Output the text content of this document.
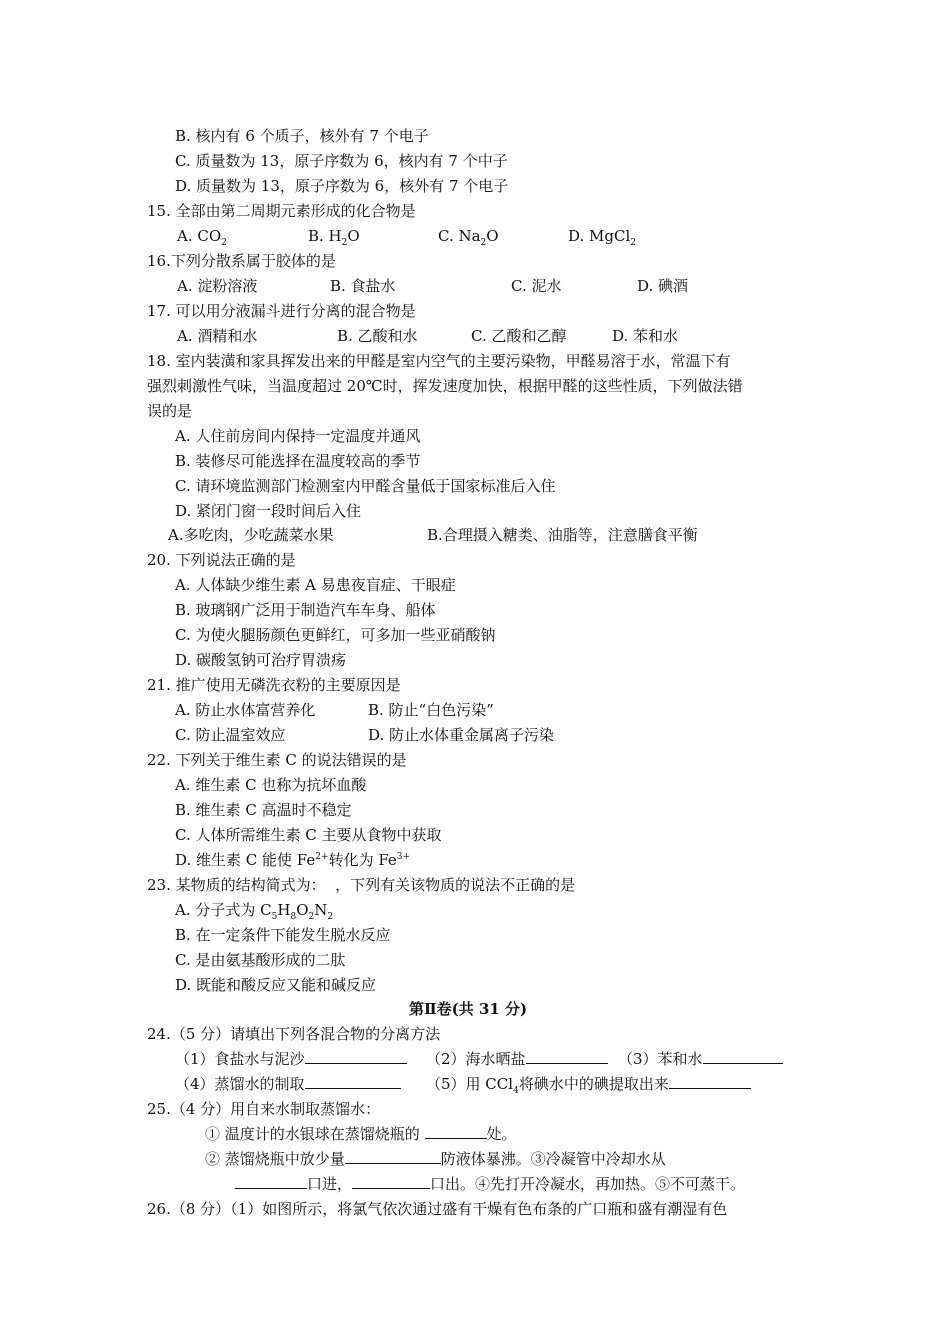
B. 核内有 6 个质子，核外有 7 个电子
C. 质量数为 13，原子序数为 6，核内有 7 个中子
D. 质量数为 13，原子序数为 6，核外有 7 个电子
15. 全部由第二周期元素形成的化合物是
A. $CO_2$	B. $H_2O$	C. $Na_2O$	D. MgCl$_2$
16.下列分散系属于胶体的是
A. 淀粉溶液	B. 食盐水	C. 泥水	D. 碘酒
17. 可以用分液漏斗进行分离的混合物是
A. 酒精和水	B. 乙酸和水	C. 乙酸和乙醇	D. 苯和水
18. 室内装潢和家具挥发出来的甲醛是室内空气的主要污染物，甲醛易溶于水，常温下有
强烈刺激性气味，当温度超过 20℃时，挥发速度加快，根据甲醛的这些性质，下列做法错
误的是
A. 人住前房间内保持一定温度并通风
B. 装修尽可能选择在温度较高的季节
C. 请环境监测部门检测室内甲醛含量低于国家标准后入住
D. 紧闭门窗一段时间后入住
A.多吃肉，少吃蔬菜水果	B.合理摄入糖类、油脂等，注意膳食平衡
20. 下列说法正确的是
A. 人体缺少维生素 A 易患夜盲症、干眼症
B. 玻璃钢广泛用于制造汽车车身、船体
C. 为使火腿肠颜色更鲜红，可多加一些亚硝酸钠
D. 碳酸氢钠可治疗胃溃疡
21. 推广使用无磷洗衣粉的主要原因是
A. 防止水体富营养化	B. 防止“白色污染”
C. 防止温室效应	D. 防止水体重金属离子污染
22. 下列关于维生素 C 的说法错误的是
A. 维生素 C 也称为抗坏血酸
B. 维生素 C 高温时不稳定
C. 人体所需维生素 C 主要从食物中获取
D. 维生素 C 能使 $Fe^{2+}$转化为 $Fe^{3+}$
23. 某物质的结构简式为：  ，下列有关该物质的说法不正确的是
A. 分子式为 $C_5H_8O_2N_2$
B. 在一定条件下能发生脱水反应
C. 是由氨基酸形成的二肽
D. 既能和酸反应又能和碱反应
第Ⅱ卷(共 31 分)
24.（5 分）请填出下列各混合物的分离方法
（1）食盐水与泥沙	（2）海水晒盐	（3）苯和水
（4）蒸馏水的制取	（5）用 CCl$_4$将碘水中的碘提取出来
25.（4 分）用自来水制取蒸馏水：
① 温度计的水银球在蒸馏烧瓶的	处。
② 蒸馏烧瓶中放少量	防液体暴沸。③冷凝管中冷却水从
口进，	口出。④先打开冷凝水，再加热。⑤不可蒸干。
26.（8 分）（1）如图所示，将氯气依次通过盛有干燥有色布条的广口瓶和盛有潮湿有色
